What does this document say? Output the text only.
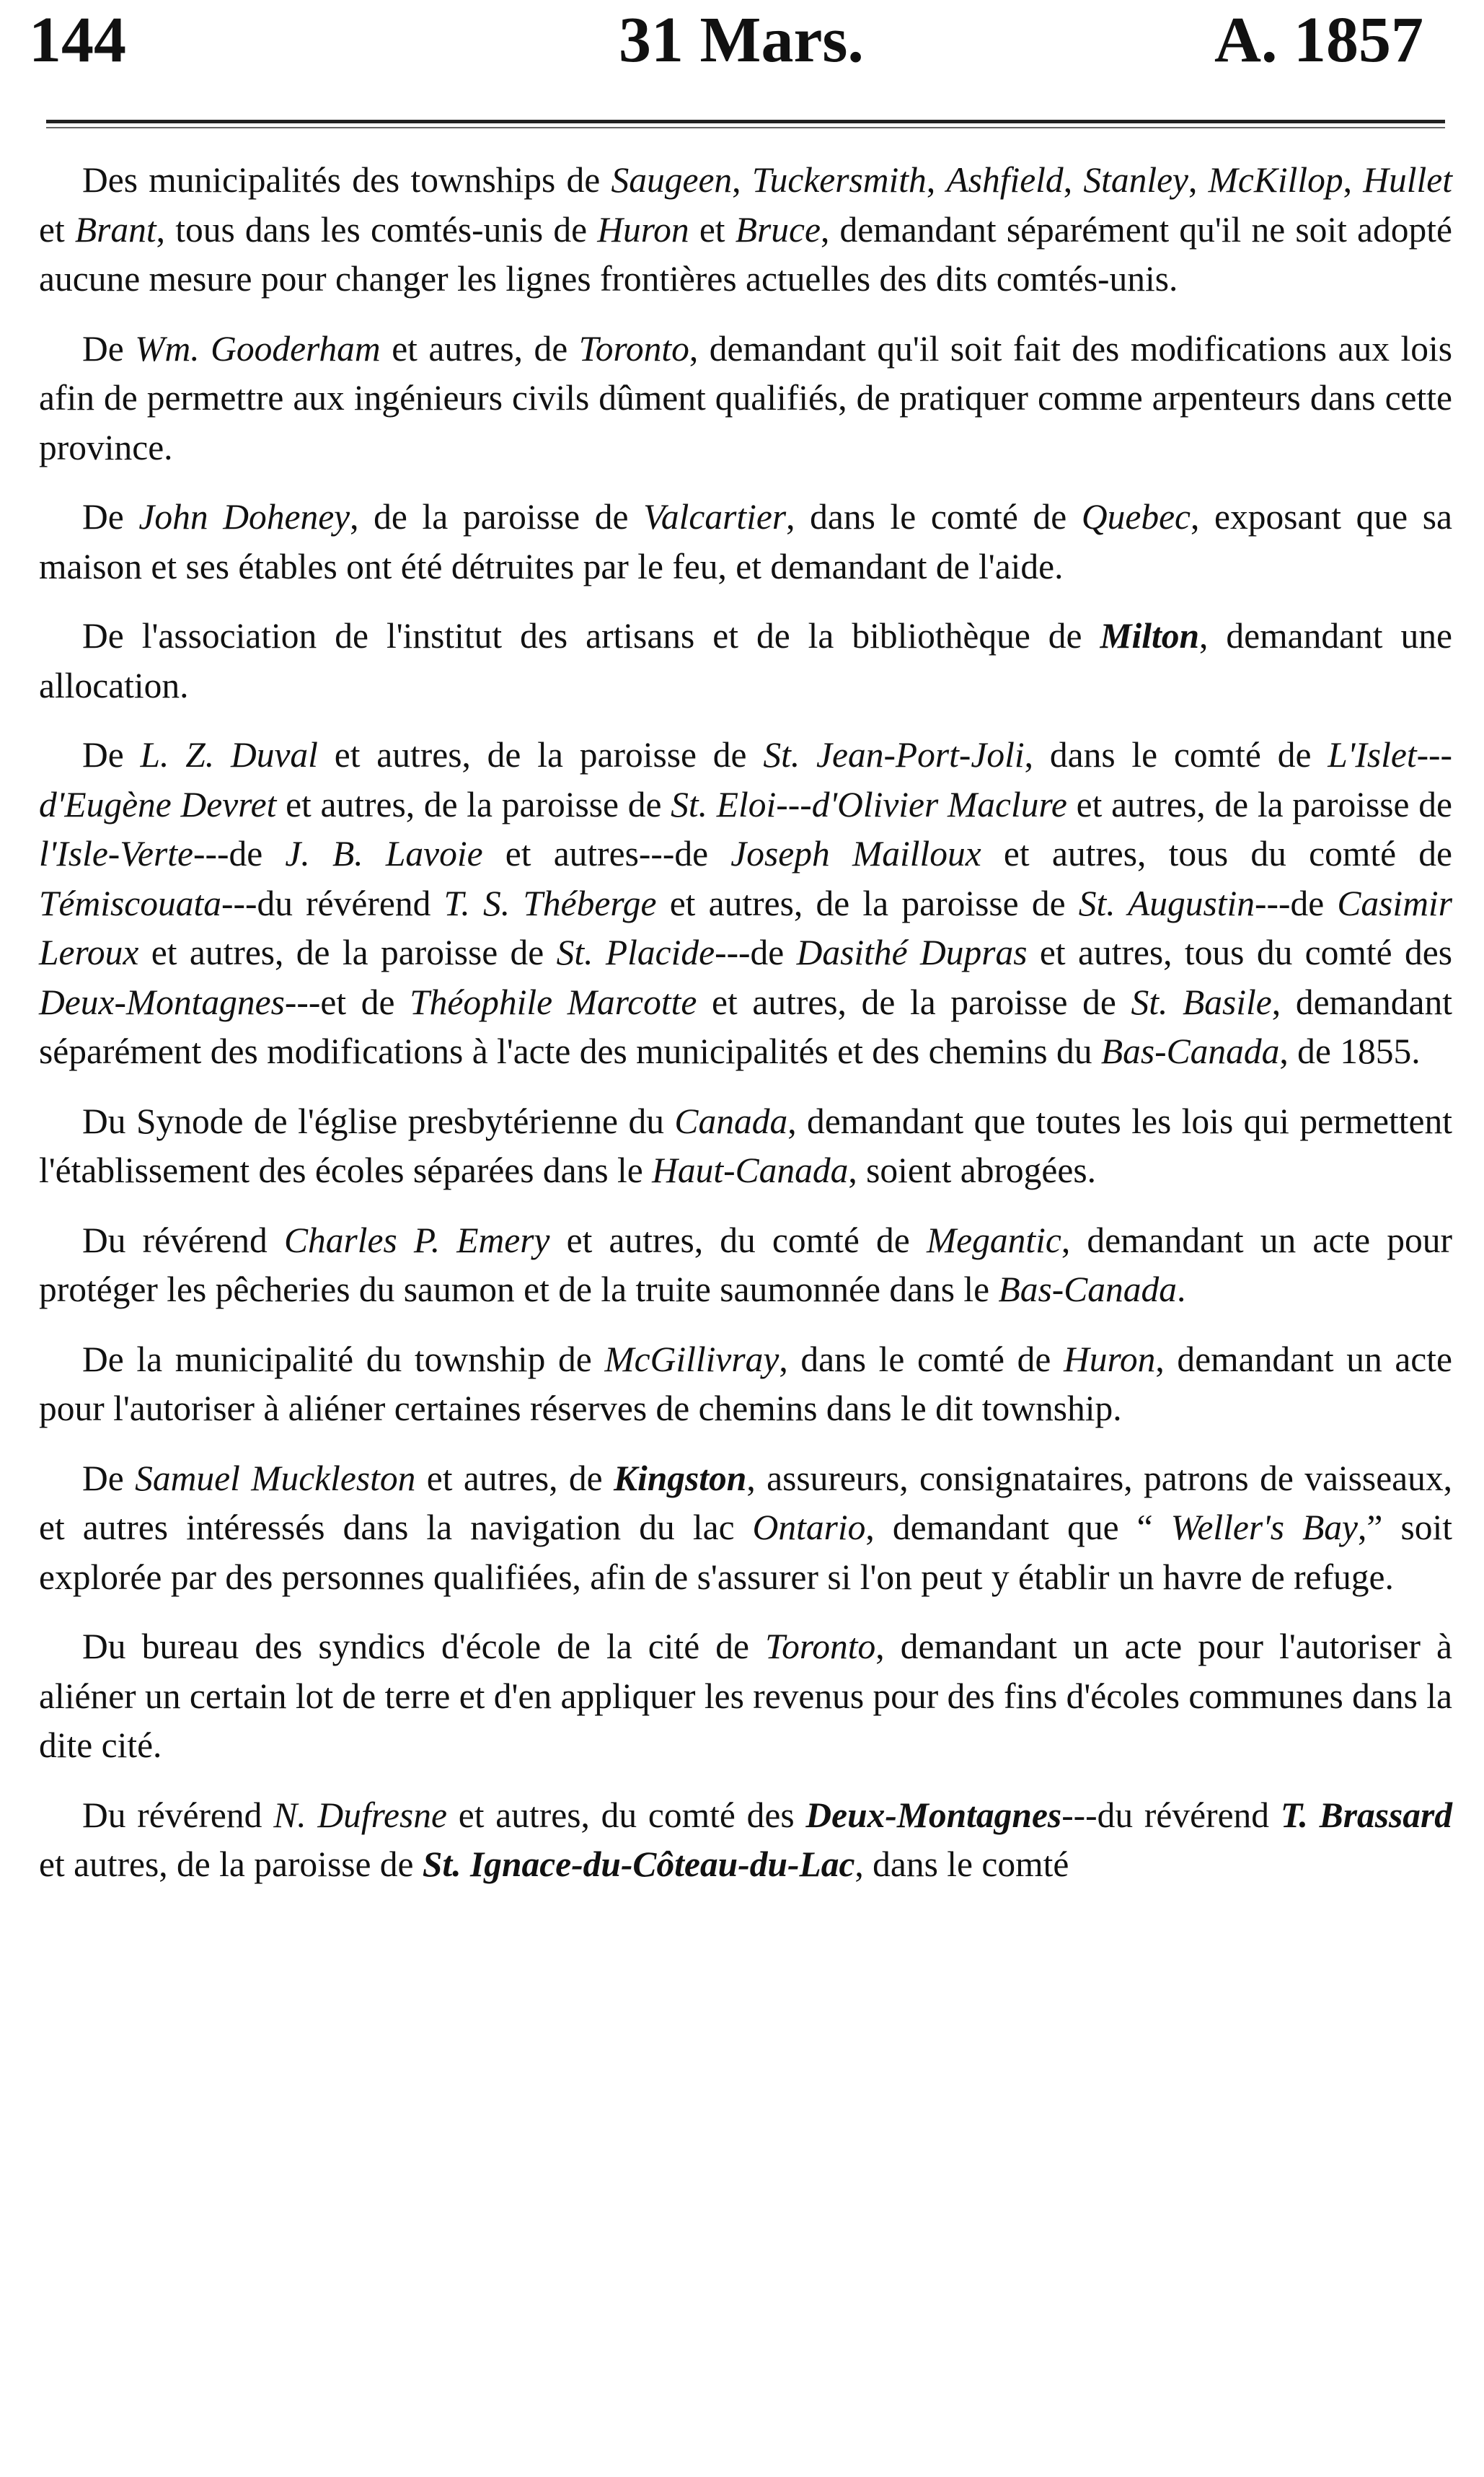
144	31 Mars.	A. 1857

Des municipalités des townships de Saugeen, Tuckersmith, Ashfield, Stanley, McKillop, Hullet et Brant, tous dans les comtés-unis de Huron et Bruce, demandant séparément qu'il ne soit adopté aucune mesure pour changer les lignes frontières actuelles des dits comtés-unis.

De Wm. Gooderham et autres, de Toronto, demandant qu'il soit fait des modifications aux lois afin de permettre aux ingénieurs civils dûment qualifiés, de pratiquer comme arpenteurs dans cette province.

De John Doheney, de la paroisse de Valcartier, dans le comté de Quebec, exposant que sa maison et ses étables ont été détruites par le feu, et demandant de l'aide.

De l'association de l'institut des artisans et de la bibliothèque de Milton, demandant une allocation.

De L. Z. Duval et autres, de la paroisse de St. Jean-Port-Joli, dans le comté de L'Islet---d'Eugène Devret et autres, de la paroisse de St. Eloi---d'Olivier Maclure et autres, de la paroisse de l'Isle-Verte---de J. B. Lavoie et autres---de Joseph Mailloux et autres, tous du comté de Témiscouata---du révérend T. S. Théberge et autres, de la paroisse de St. Augustin---de Casimir Leroux et autres, de la paroisse de St. Placide---de Dasithé Dupras et autres, tous du comté des Deux-Montagnes---et de Théophile Marcotte et autres, de la paroisse de St. Basile, demandant séparément des modifications à l'acte des municipalités et des chemins du Bas-Canada, de 1855.

Du Synode de l'église presbytérienne du Canada, demandant que toutes les lois qui permettent l'établissement des écoles séparées dans le Haut-Canada, soient abrogées.

Du révérend Charles P. Emery et autres, du comté de Megantic, demandant un acte pour protéger les pêcheries du saumon et de la truite saumonnée dans le Bas-Canada.

De la municipalité du township de McGillivray, dans le comté de Huron, demandant un acte pour l'autoriser à aliéner certaines réserves de chemins dans le dit township.

De Samuel Muckleston et autres, de Kingston, assureurs, consignataires, patrons de vaisseaux, et autres intéressés dans la navigation du lac Ontario, demandant que “ Weller's Bay,” soit explorée par des personnes qualifiées, afin de s'assurer si l'on peut y établir un havre de refuge.

Du bureau des syndics d'école de la cité de Toronto, demandant un acte pour l'autoriser à aliéner un certain lot de terre et d'en appliquer les revenus pour des fins d'écoles communes dans la dite cité.

Du révérend N. Dufresne et autres, du comté des Deux-Montagnes---du révérend T. Brassard et autres, de la paroisse de St. Ignace-du-Côteau-du-Lac, dans le comté
